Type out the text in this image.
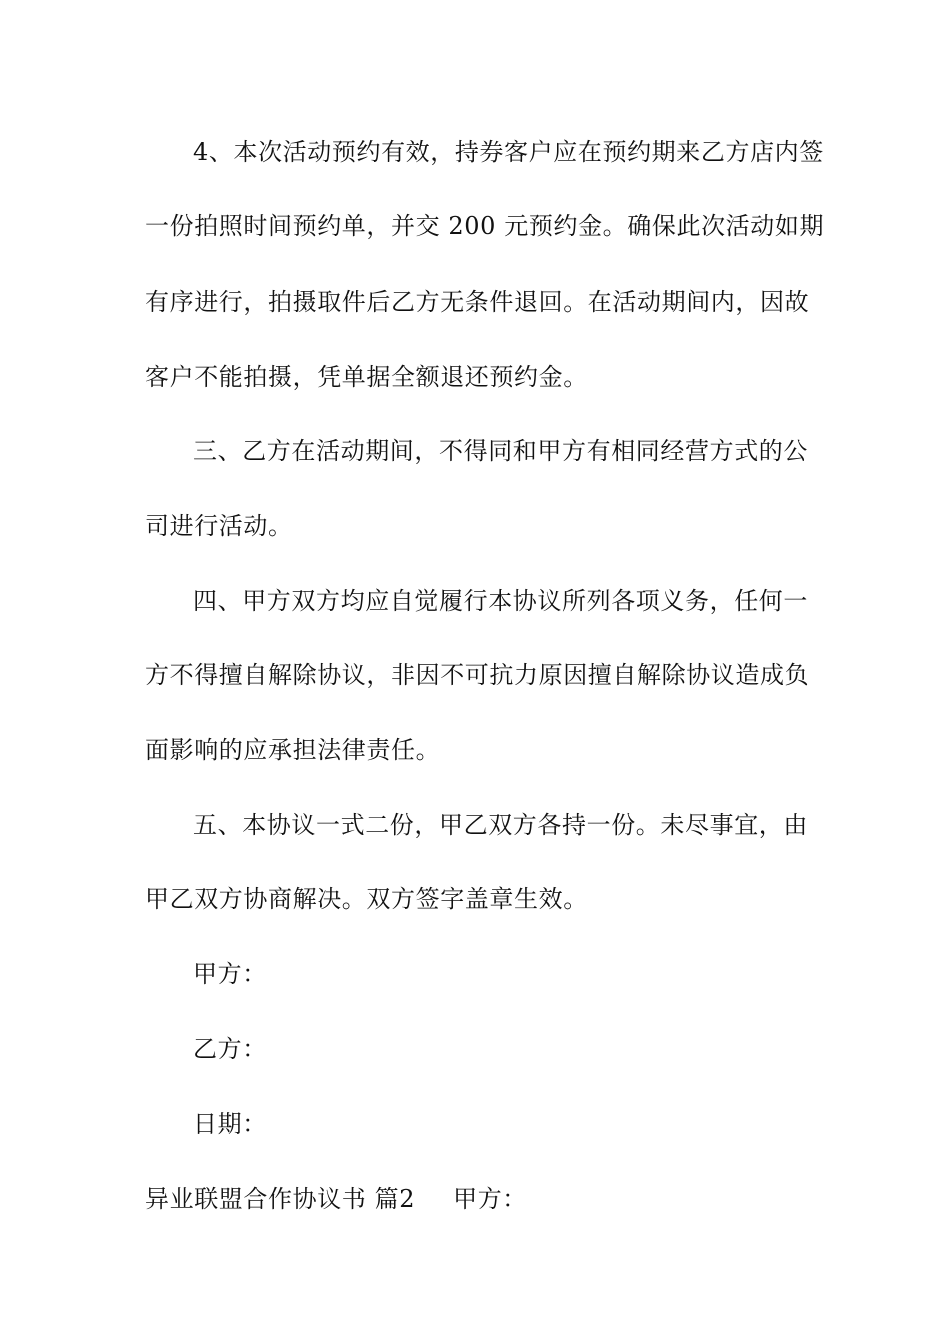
4、本次活动预约有效，持券客户应在预约期来乙方店内签
一份拍照时间预约单，并交 200 元预约金。确保此次活动如期
有序进行，拍摄取件后乙方无条件退回。在活动期间内，因故
客户不能拍摄，凭单据全额退还预约金。
三、乙方在活动期间，不得同和甲方有相同经营方式的公
司进行活动。
四、甲方双方均应自觉履行本协议所列各项义务，任何一
方不得擅自解除协议，非因不可抗力原因擅自解除协议造成负
面影响的应承担法律责任。
五、本协议一式二份，甲乙双方各持一份。未尽事宜，由
甲乙双方协商解决。双方签字盖章生效。
甲方：
乙方：
日期：
异业联盟合作协议书 篇2 甲方：
